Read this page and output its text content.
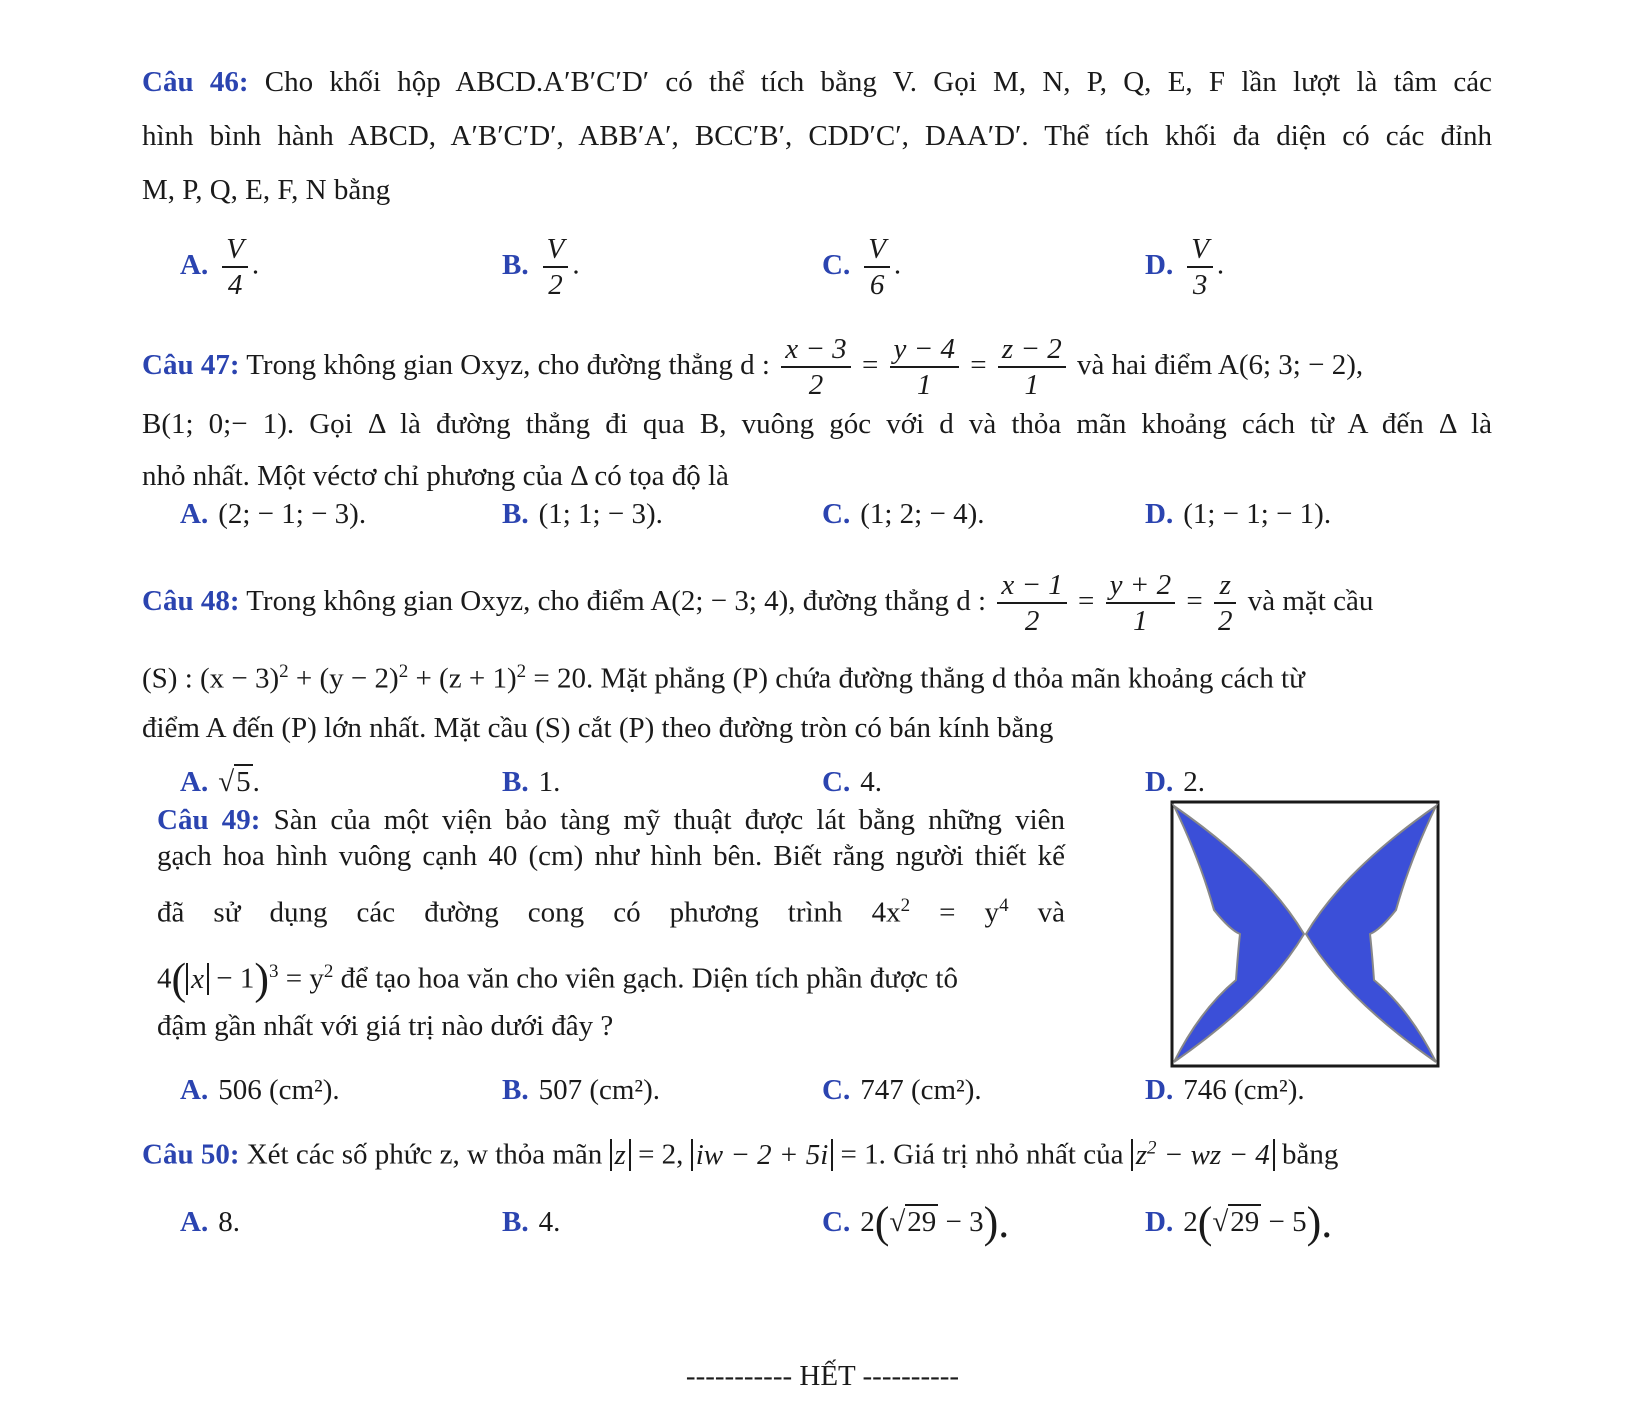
Câu 46: Cho khối hộp ABCD.A′B′C′D′ có thể tích bằng V. Gọi M, N, P, Q, E, F lần lượt là tâm các
hình bình hành ABCD, A′B′C′D′, ABB′A′, BCC′B′, CDD′C′, DAA′D′. Thể tích khối đa diện có các đỉnh
M, P, Q, E, F, N bằng
A. $\frac{V}{4}$ .	B. $\frac{V}{2}$ .	C. $\frac{V}{6}$ .	D. $\frac{V}{3}$ .
Câu 47: Trong không gian Oxyz, cho đường thẳng d : $\frac{x - 3}{2} = \frac{y - 4}{1} = \frac{z - 2}{1}$ và hai điểm A(6; 3; − 2),
B(1; 0;− 1). Gọi Δ là đường thẳng đi qua B, vuông góc với d và thỏa mãn khoảng cách từ A đến Δ là
nhỏ nhất. Một véctơ chỉ phương của Δ có tọa độ là
A. (2; − 1; − 3).	B. (1; 1; − 3).	C. (1; 2; − 4).	D. (1; − 1; − 1).
Câu 48: Trong không gian Oxyz, cho điểm A(2; − 3; 4), đường thẳng d : $\frac{x - 1}{2} = \frac{y + 2}{1} = \frac{z}{2}$ và mặt cầu
(S) : $(x - 3)^2 + (y - 2)^2 + (z + 1)^2 = 20$. Mặt phẳng (P) chứa đường thẳng d thỏa mãn khoảng cách từ
điểm A đến (P) lớn nhất. Mặt cầu (S) cắt (P) theo đường tròn có bán kính bằng
A. √5.	B. 1.	C. 4.	D. 2.
Câu 49: Sàn của một viện bảo tàng mỹ thuật được lát bằng những viên
gạch hoa hình vuông cạnh 40 (cm) như hình bên. Biết rằng người thiết kế
đã sử dụng các đường cong có phương trình $4x^2 = y^4$ và
4( $x - 1)^3 = y^2$ để tạo hoa văn cho viên gạch. Diện tích phần được tô
đậm gần nhất với giá trị nào dưới đây ?
A. 506 (cm²).	B. 507 (cm²).	C. 747 (cm²).	D. 746 (cm²).
Câu 50: Xét các số phức z, w thỏa mãn z = 2, iw − 2 + 5i = 1. Giá trị nhỏ nhất của $z^2$ − wz − 4 bằng
A. 8.	B. 4.	C. 2(√29 − 3).	D. 2(√29 − 5).
----------- HẾT ----------
